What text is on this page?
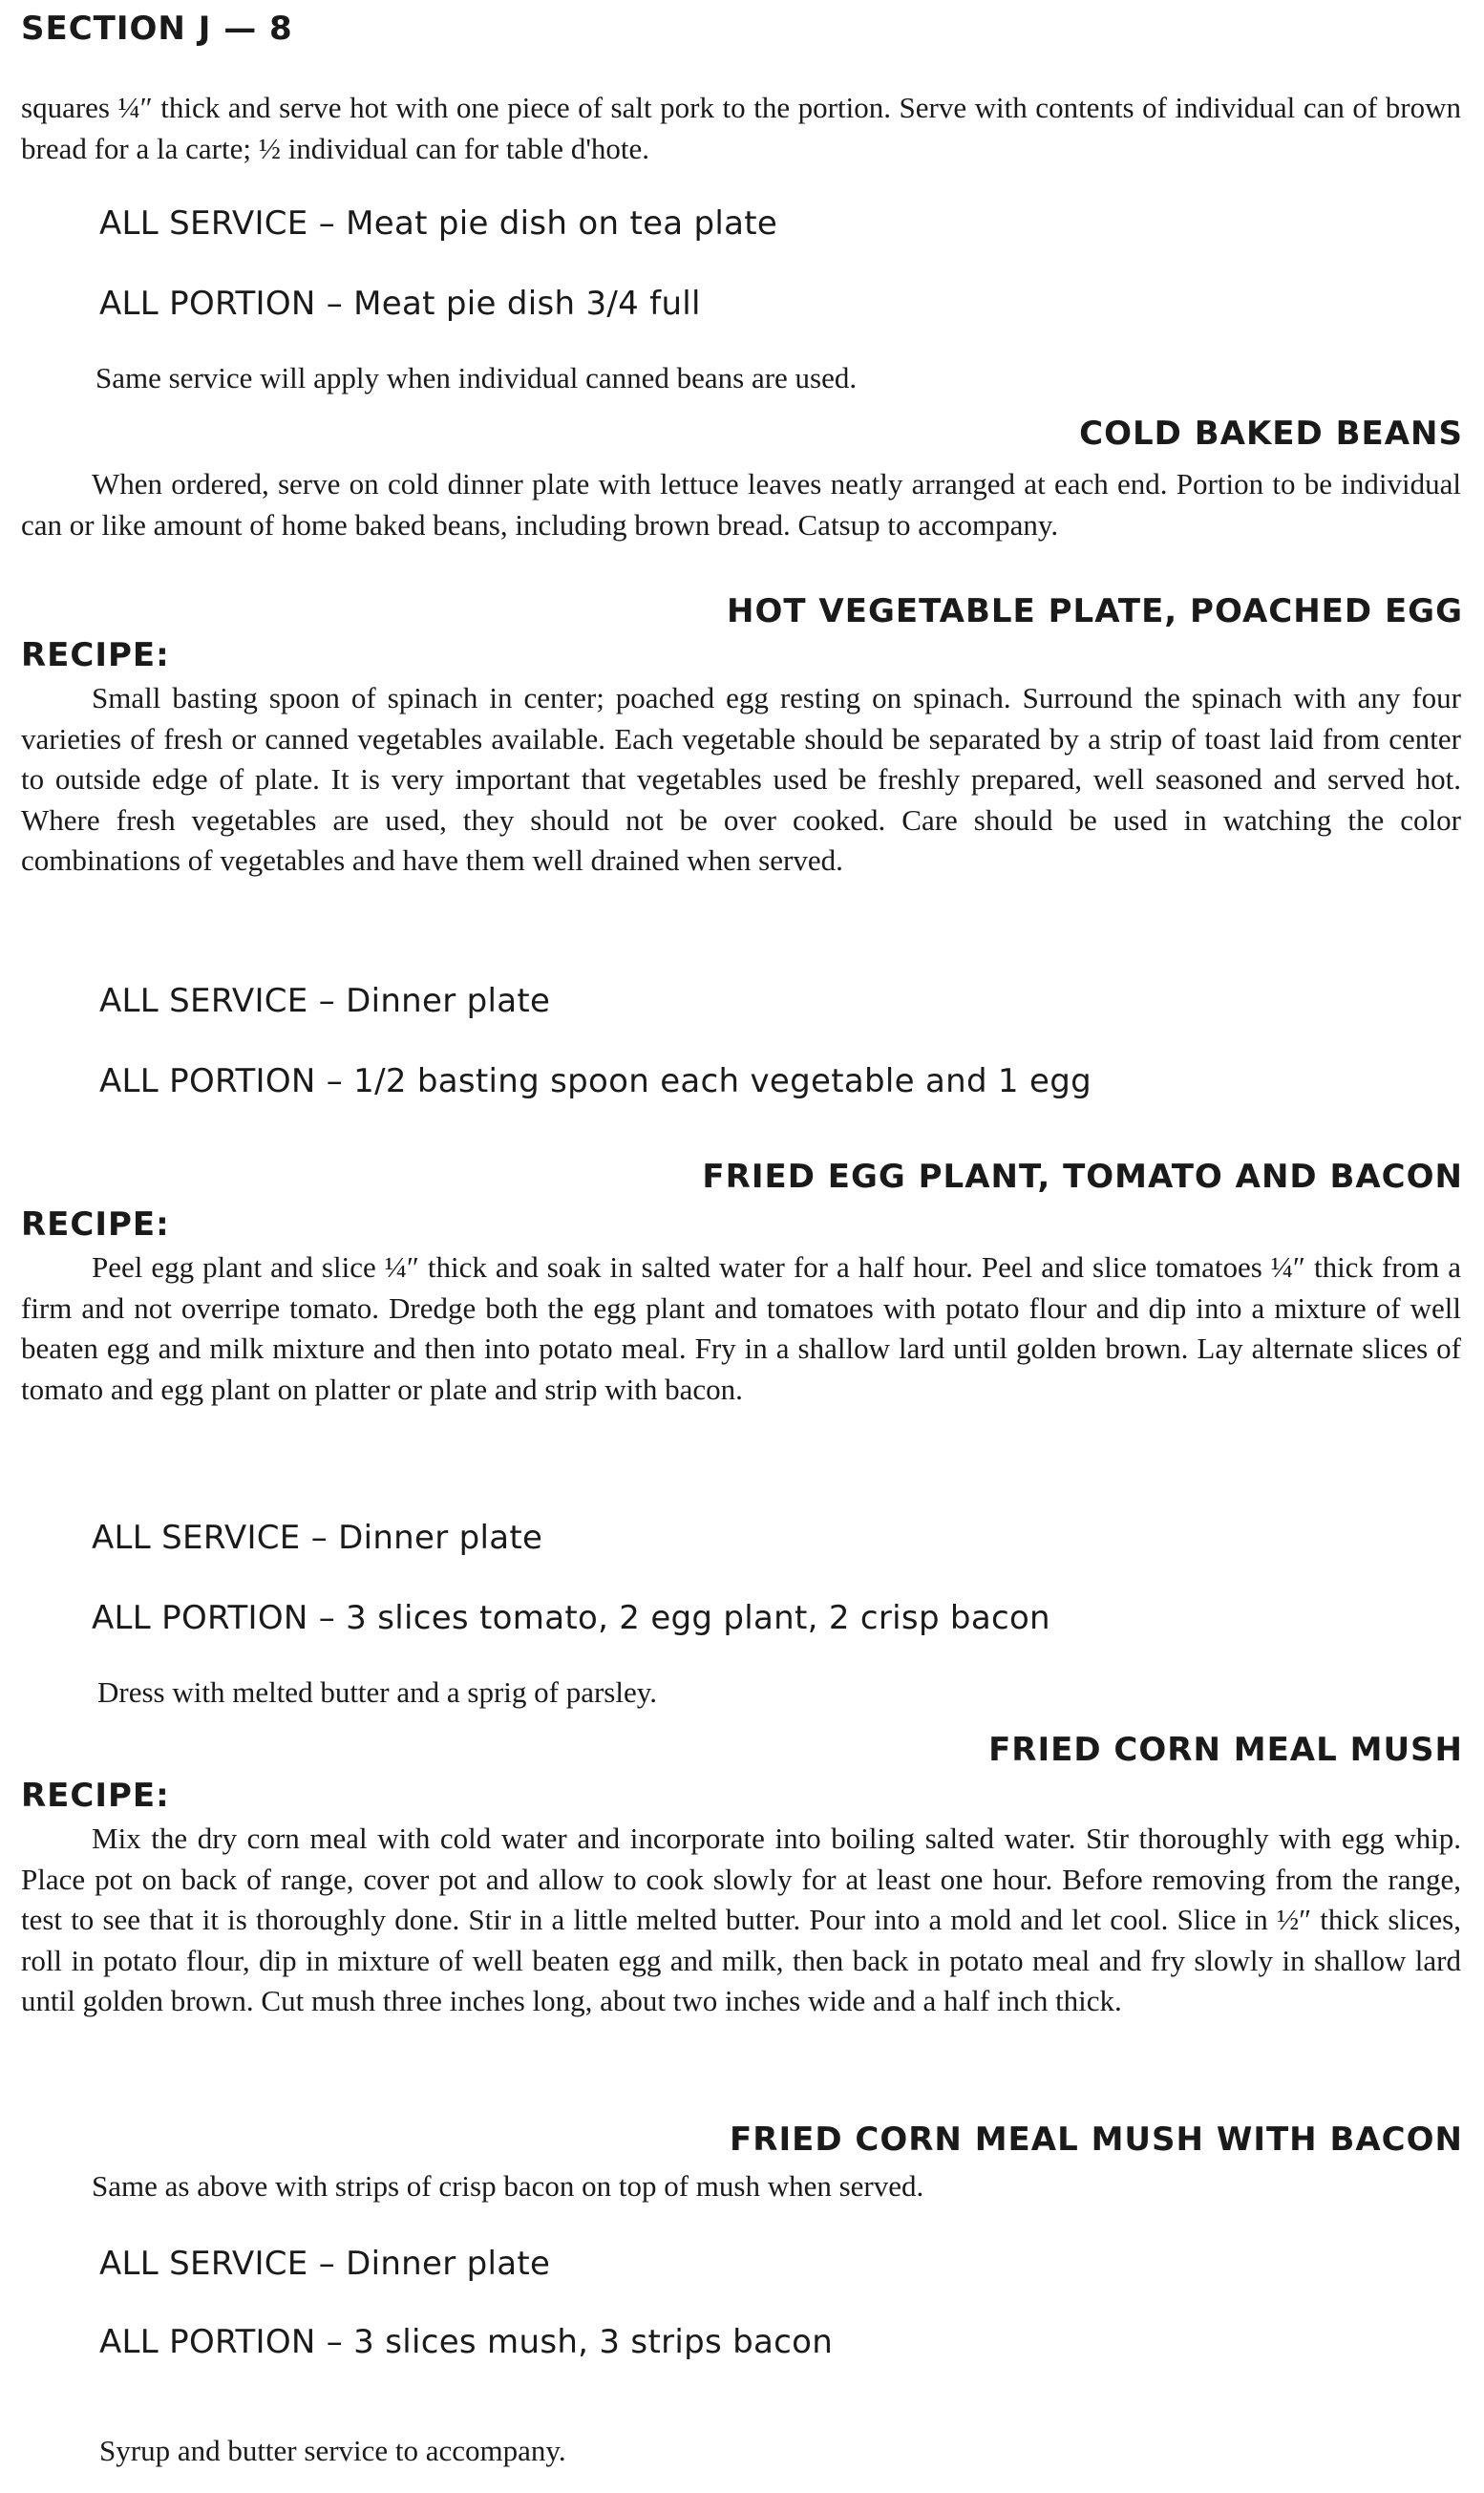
SECTION J — 8
squares ¼″ thick and serve hot with one piece of salt pork to the portion. Serve with contents of individual can of brown bread for a la carte; ½ individual can for table d'hote.
ALL SERVICE – Meat pie dish on tea plate
ALL PORTION – Meat pie dish 3/4 full
Same service will apply when individual canned beans are used.
COLD BAKED BEANS
When ordered, serve on cold dinner plate with lettuce leaves neatly arranged at each end. Portion to be individual can or like amount of home baked beans, including brown bread. Catsup to accompany.
HOT VEGETABLE PLATE, POACHED EGG
RECIPE:
Small basting spoon of spinach in center; poached egg resting on spinach. Surround the spinach with any four varieties of fresh or canned vegetables available. Each vegetable should be separated by a strip of toast laid from center to outside edge of plate. It is very important that vegetables used be freshly prepared, well seasoned and served hot. Where fresh vegetables are used, they should not be over cooked. Care should be used in watching the color combinations of vegetables and have them well drained when served.
ALL SERVICE – Dinner plate
ALL PORTION – 1/2 basting spoon each vegetable and 1 egg
FRIED EGG PLANT, TOMATO AND BACON
RECIPE:
Peel egg plant and slice ¼″ thick and soak in salted water for a half hour. Peel and slice tomatoes ¼″ thick from a firm and not overripe tomato. Dredge both the egg plant and tomatoes with potato flour and dip into a mixture of well beaten egg and milk mixture and then into potato meal. Fry in a shallow lard until golden brown. Lay alternate slices of tomato and egg plant on platter or plate and strip with bacon.
ALL SERVICE – Dinner plate
ALL PORTION – 3 slices tomato, 2 egg plant, 2 crisp bacon
Dress with melted butter and a sprig of parsley.
FRIED CORN MEAL MUSH
RECIPE:
Mix the dry corn meal with cold water and incorporate into boiling salted water. Stir thoroughly with egg whip. Place pot on back of range, cover pot and allow to cook slowly for at least one hour. Before removing from the range, test to see that it is thoroughly done. Stir in a little melted butter. Pour into a mold and let cool. Slice in ½″ thick slices, roll in potato flour, dip in mixture of well beaten egg and milk, then back in potato meal and fry slowly in shallow lard until golden brown. Cut mush three inches long, about two inches wide and a half inch thick.
FRIED CORN MEAL MUSH WITH BACON
Same as above with strips of crisp bacon on top of mush when served.
ALL SERVICE – Dinner plate
ALL PORTION – 3 slices mush, 3 strips bacon
Syrup and butter service to accompany.
